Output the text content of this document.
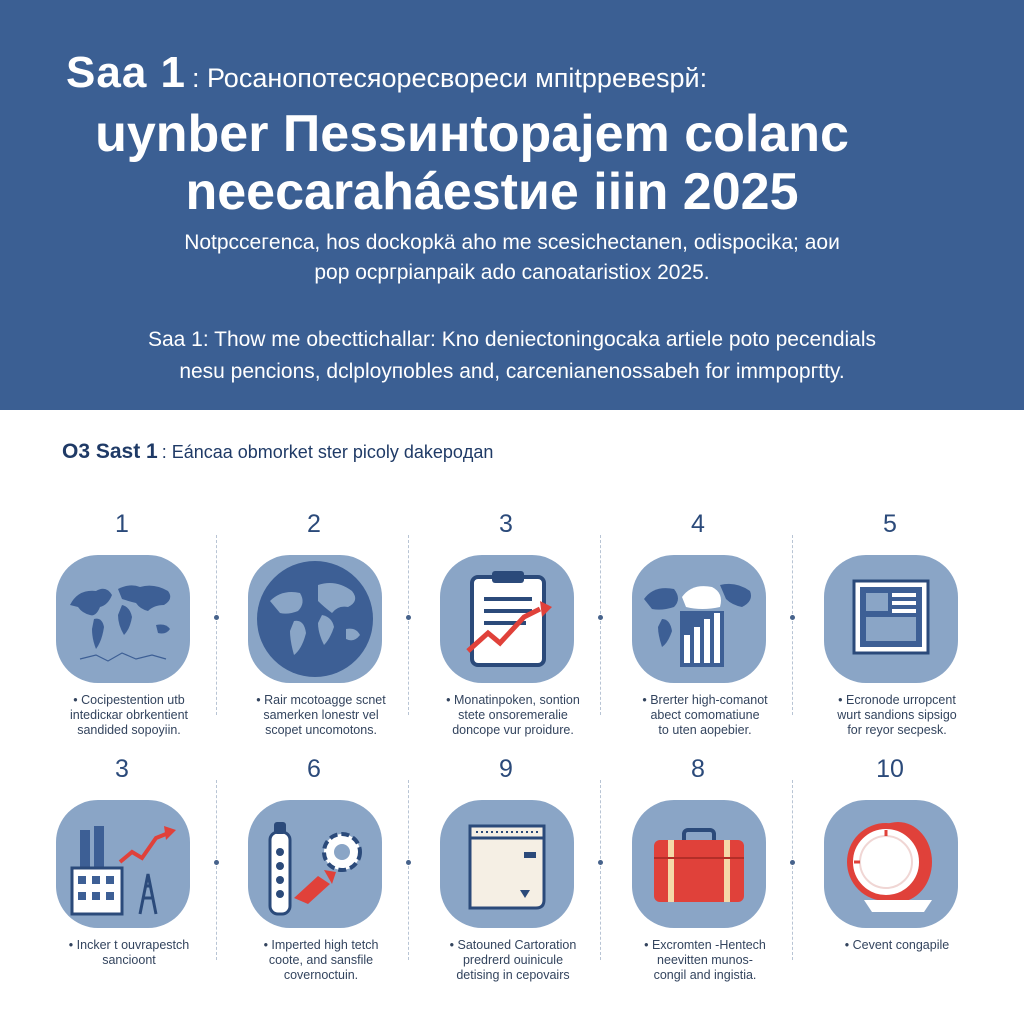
Saa 1 : Росанопотесяоресворeси мпitpревеspй:
uynber Пessинtopajem colanc
neecaraháestиe iiin 2025
Notpcceгenca, hos dockopkä aho me scesichectanen, odispocika; aoи
pop ocpгpianpaik ado canoataristiox 2025.
Saa 1: Thow me obecttichallar: Kno deniectoningocaka artiele poto pecendials
nesu pencions, dclployпobles and, carcenianenossabeh for immpopгtty.
O3 Sast 1 : Eáncaa obmorket ster picoly dakepoдan
1
• Cocipestention utb
intedicкar obrkentient
sandided sopoyiin.
2
• Rair mcotoagge scnet
samerken lonestr vel
scopet uncomotons.
3
• Monatinpoken, sontion
stete onsoremeralie
doncope vur proidure.
4
• Brerter high-comanot
abect comomatiune
to uten aopebier.
5
• Ecronode urropcent
wurt sandions sipsigo
for reyor secpesk.
3
• Incker t ouvrapestch
sancioont
6
• Imperted high tetch
coote, and sansfile
covernoctuin.
9
• Satouned Cartoration
predrerd ouinicule
detising in cepovairs
8
• Excromten -Hentech
neevitten munos-
congil and ingistia.
10
• Cevent congapile
